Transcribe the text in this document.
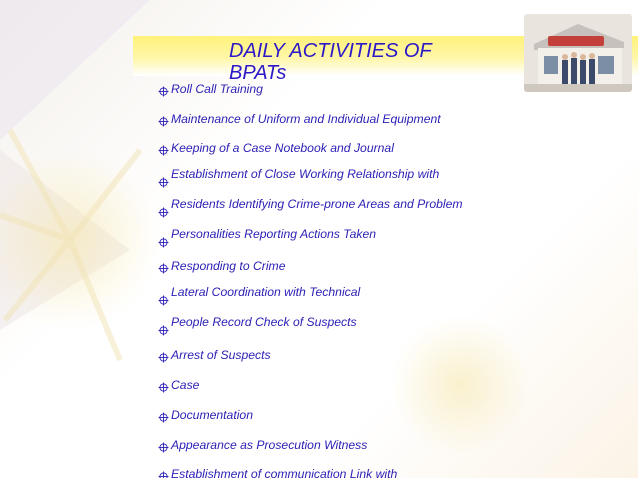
DAILY ACTIVITIES OF BPATs
Roll Call Training
Maintenance of Uniform and Individual Equipment
Keeping of a Case Notebook and Journal
Establishment of Close Working Relationship with
Residents Identifying Crime-prone Areas and Problem
Personalities Reporting Actions Taken
Responding to Crime
Lateral Coordination with Technical
People Record Check of Suspects
Arrest of Suspects
Case
Documentation
Appearance as Prosecution Witness
Establishment of communication Link with
